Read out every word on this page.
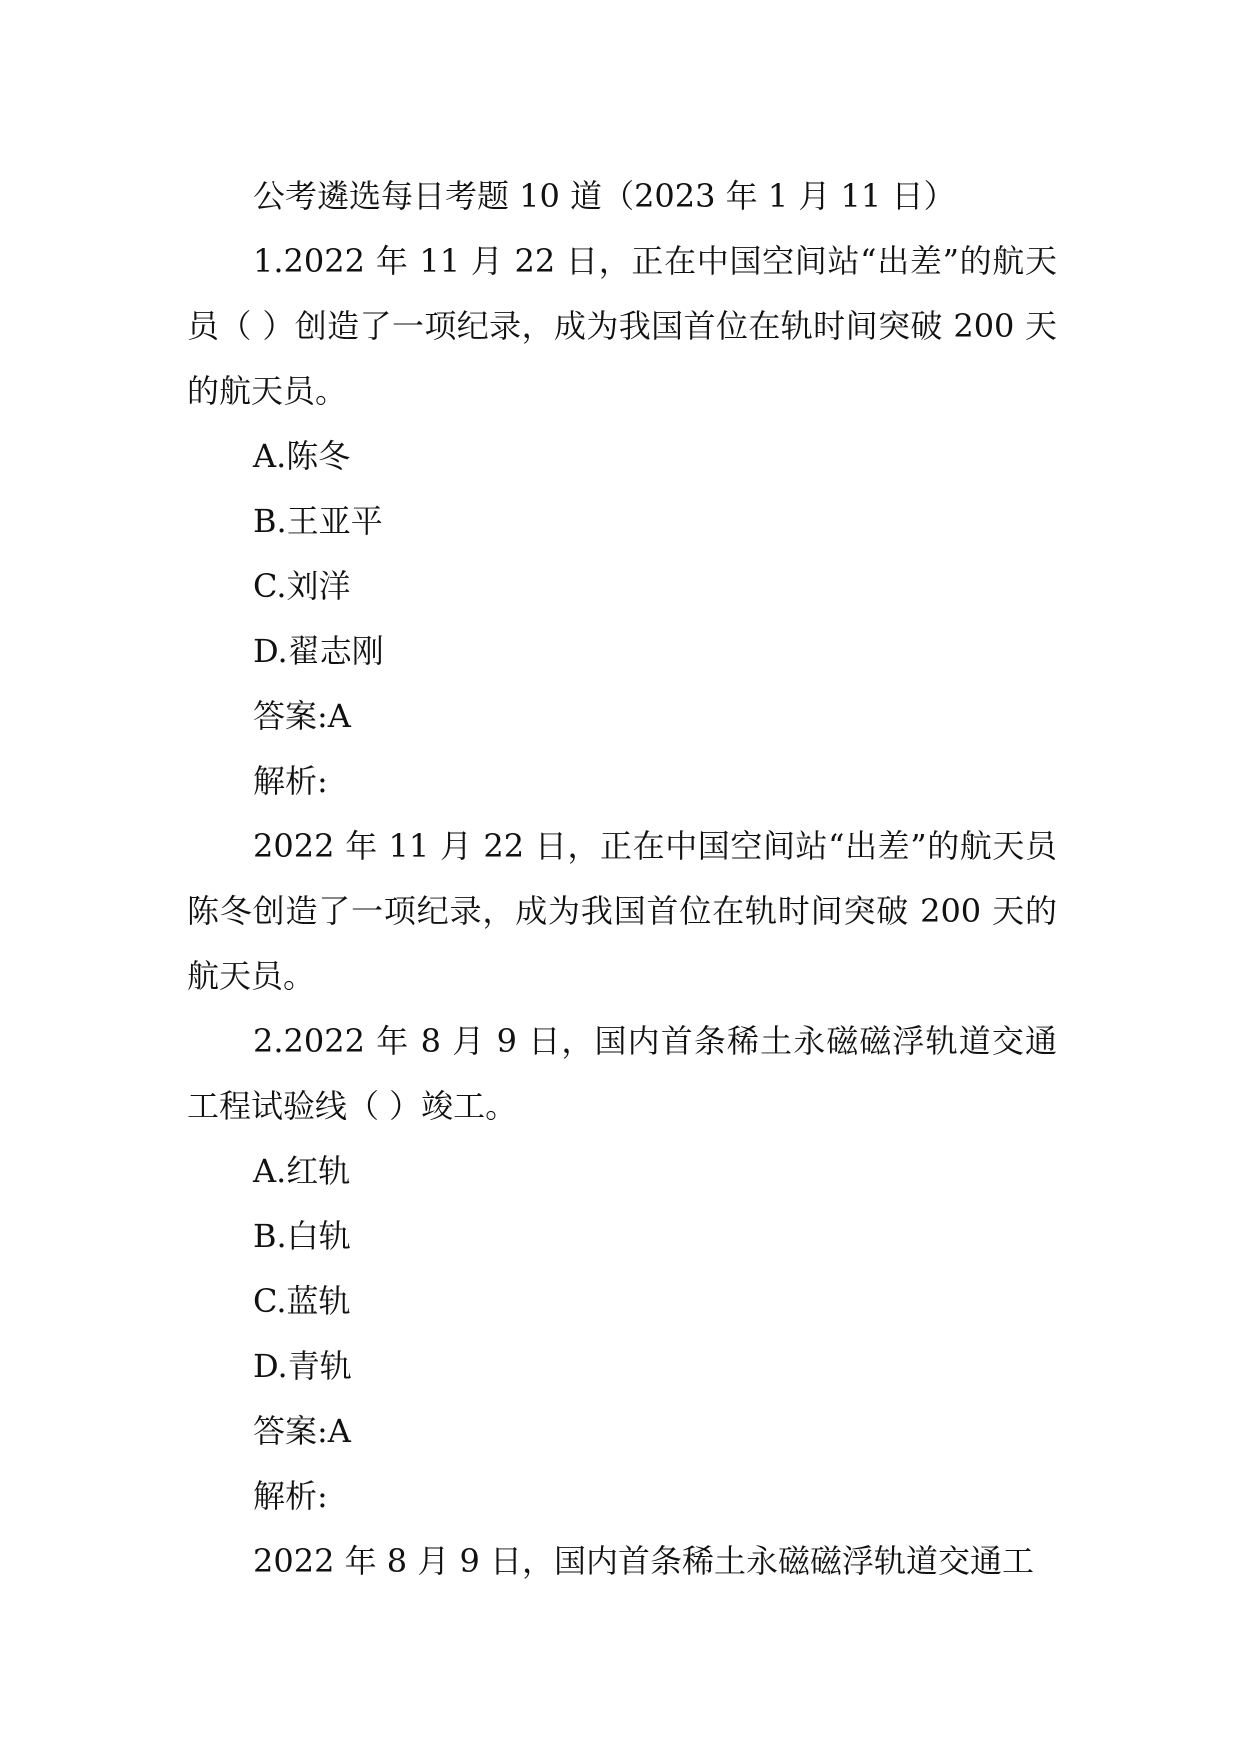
公考遴选每日考题 10 道（2023 年 1 月 11 日）

1.2022 年 11 月 22 日，正在中国空间站“出差”的航天员（ ）创造了一项纪录，成为我国首位在轨时间突破 200 天的航天员。

A.陈冬

B.王亚平

C.刘洋

D.翟志刚

答案:A

解析:

2022 年 11 月 22 日，正在中国空间站“出差”的航天员陈冬创造了一项纪录，成为我国首位在轨时间突破 200 天的航天员。

2.2022 年 8 月 9 日，国内首条稀土永磁磁浮轨道交通工程试验线（ ）竣工。

A.红轨

B.白轨

C.蓝轨

D.青轨

答案:A

解析:

2022 年 8 月 9 日，国内首条稀土永磁磁浮轨道交通工
